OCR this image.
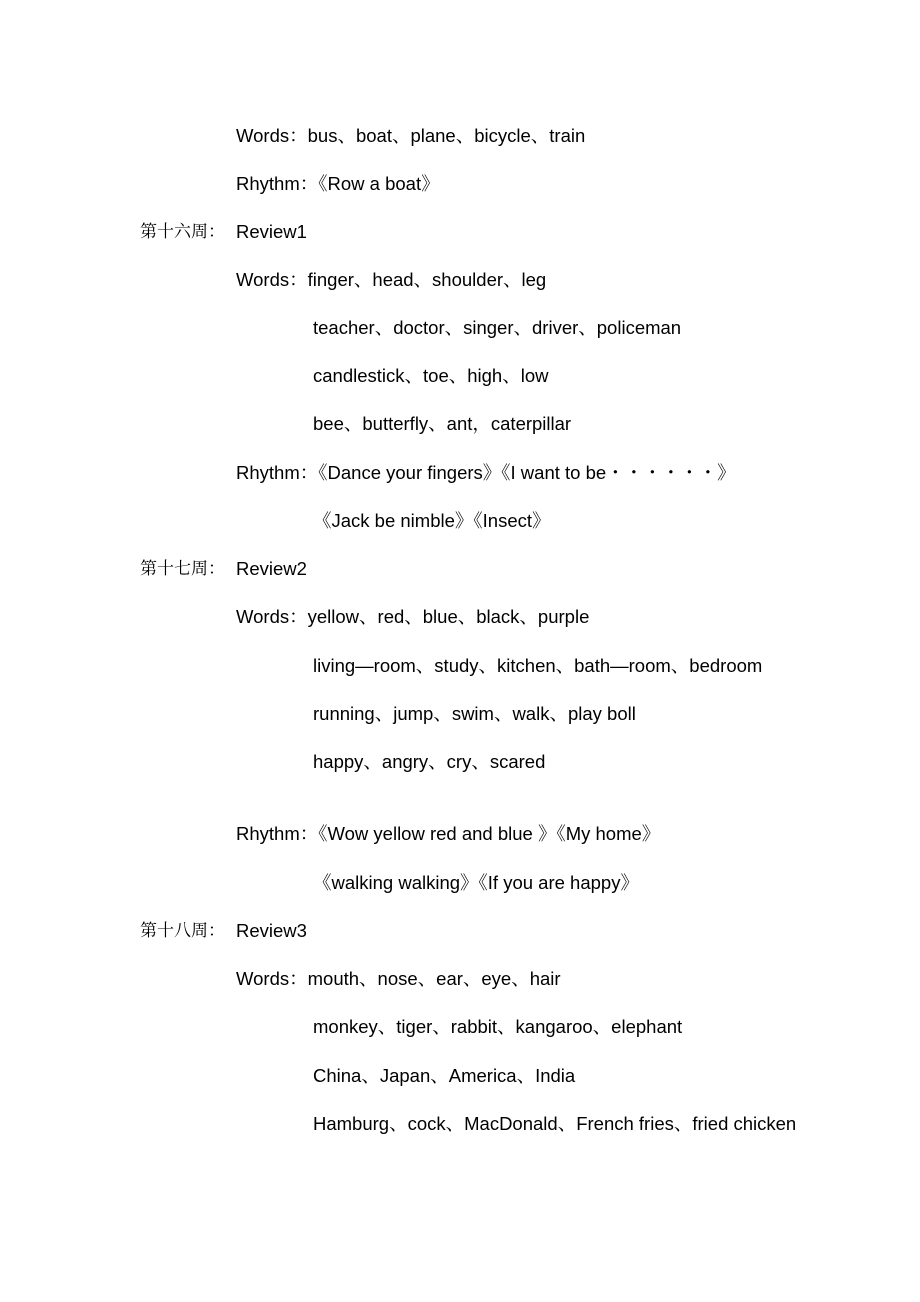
Words：bus、boat、plane、bicycle、train
Rhythm：《Row a boat》
第十六周： Review1
Words：finger、head、shoulder、leg
teacher、doctor、singer、driver、policeman
candlestick、toe、high、low
bee、butterfly、ant，caterpillar
Rhythm：《Dance your fingers》《I want to be・・・・・・》
《Jack be nimble》《Insect》
第十七周： Review2
Words：yellow、red、blue、black、purple
living—room、study、kitchen、bath—room、bedroom
running、jump、swim、walk、play boll
happy、angry、cry、scared
Rhythm：《Wow yellow red and blue 》《My home》
《walking walking》《If you are happy》
第十八周： Review3
Words：mouth、nose、ear、eye、hair
monkey、tiger、rabbit、kangaroo、elephant
China、Japan、America、India
Hamburg、cock、MacDonald、French fries、fried chicken
